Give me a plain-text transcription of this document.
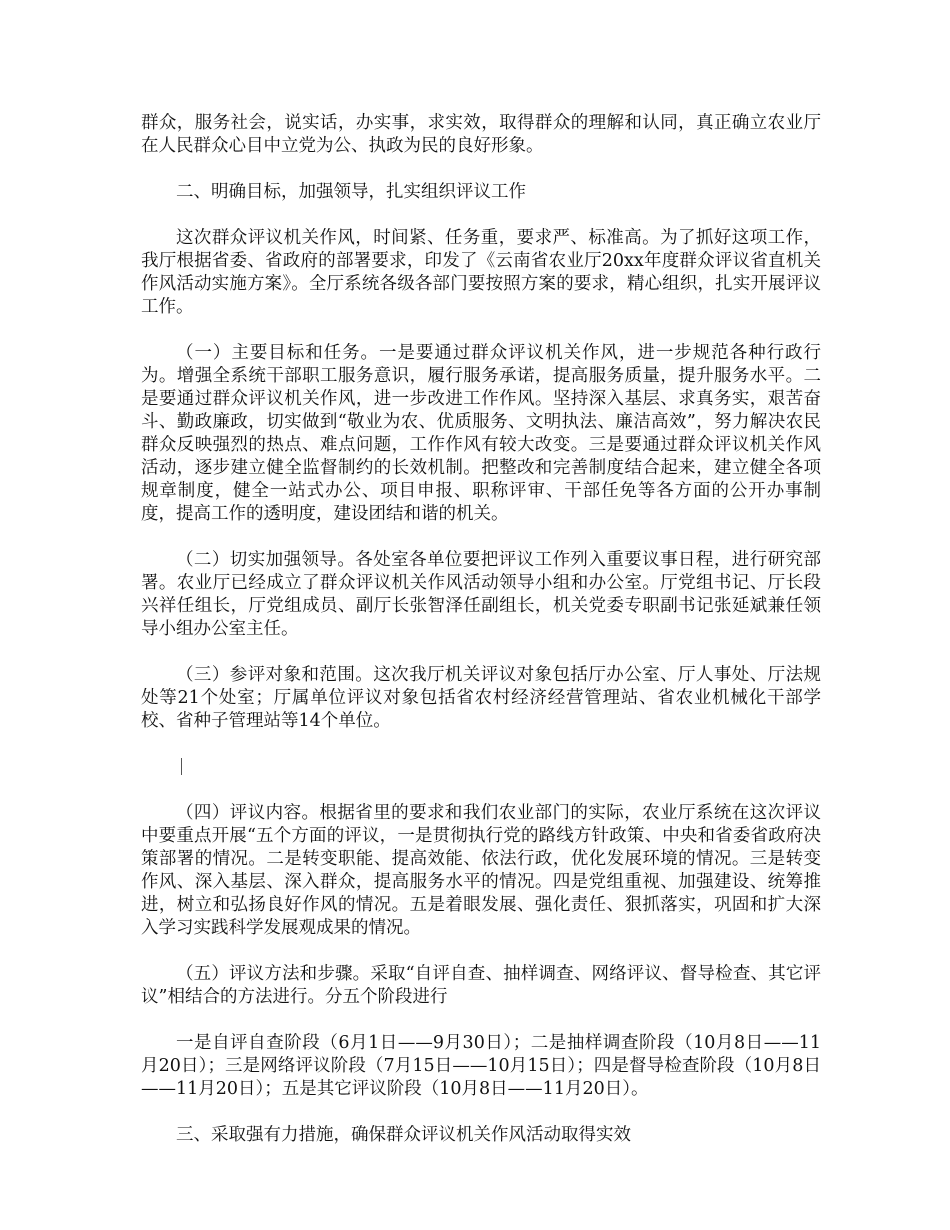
群众，服务社会，说实话，办实事，求实效，取得群众的理解和认同，真正确立农业厅在人民群众心目中立党为公、执政为民的良好形象。

二、明确目标，加强领导，扎实组织评议工作

这次群众评议机关作风，时间紧、任务重，要求严、标准高。为了抓好这项工作，我厅根据省委、省政府的部署要求，印发了《云南省农业厅20xx年度群众评议省直机关作风活动实施方案》。全厅系统各级各部门要按照方案的要求，精心组织，扎实开展评议工作。

（一）主要目标和任务。一是要通过群众评议机关作风，进一步规范各种行政行为。增强全系统干部职工服务意识，履行服务承诺，提高服务质量，提升服务水平。二是要通过群众评议机关作风，进一步改进工作作风。坚持深入基层、求真务实，艰苦奋斗、勤政廉政，切实做到“敬业为农、优质服务、文明执法、廉洁高效”，努力解决农民群众反映强烈的热点、难点问题，工作作风有较大改变。三是要通过群众评议机关作风活动，逐步建立健全监督制约的长效机制。把整改和完善制度结合起来，建立健全各项规章制度，健全一站式办公、项目申报、职称评审、干部任免等各方面的公开办事制度，提高工作的透明度，建设团结和谐的机关。

（二）切实加强领导。各处室各单位要把评议工作列入重要议事日程，进行研究部署。农业厅已经成立了群众评议机关作风活动领导小组和办公室。厅党组书记、厅长段兴祥任组长，厅党组成员、副厅长张智泽任副组长，机关党委专职副书记张延斌兼任领导小组办公室主任。

（三）参评对象和范围。这次我厅机关评议对象包括厅办公室、厅人事处、厅法规处等21个处室；厅属单位评议对象包括省农村经济经营管理站、省农业机械化干部学校、省种子管理站等14个单位。

（四）评议内容。根据省里的要求和我们农业部门的实际，农业厅系统在这次评议中要重点开展“五个方面的评议，一是贯彻执行党的路线方针政策、中央和省委省政府决策部署的情况。二是转变职能、提高效能、依法行政，优化发展环境的情况。三是转变作风、深入基层、深入群众，提高服务水平的情况。四是党组重视、加强建设、统筹推进，树立和弘扬良好作风的情况。五是着眼发展、强化责任、狠抓落实，巩固和扩大深入学习实践科学发展观成果的情况。

（五）评议方法和步骤。采取“自评自查、抽样调查、网络评议、督导检查、其它评议”相结合的方法进行。分五个阶段进行

一是自评自查阶段（6月1日——9月30日）；二是抽样调查阶段（10月8日——11月20日）；三是网络评议阶段（7月15日——10月15日）；四是督导检查阶段（10月8日——11月20日）；五是其它评议阶段（10月8日——11月20日）。

三、采取强有力措施，确保群众评议机关作风活动取得实效
